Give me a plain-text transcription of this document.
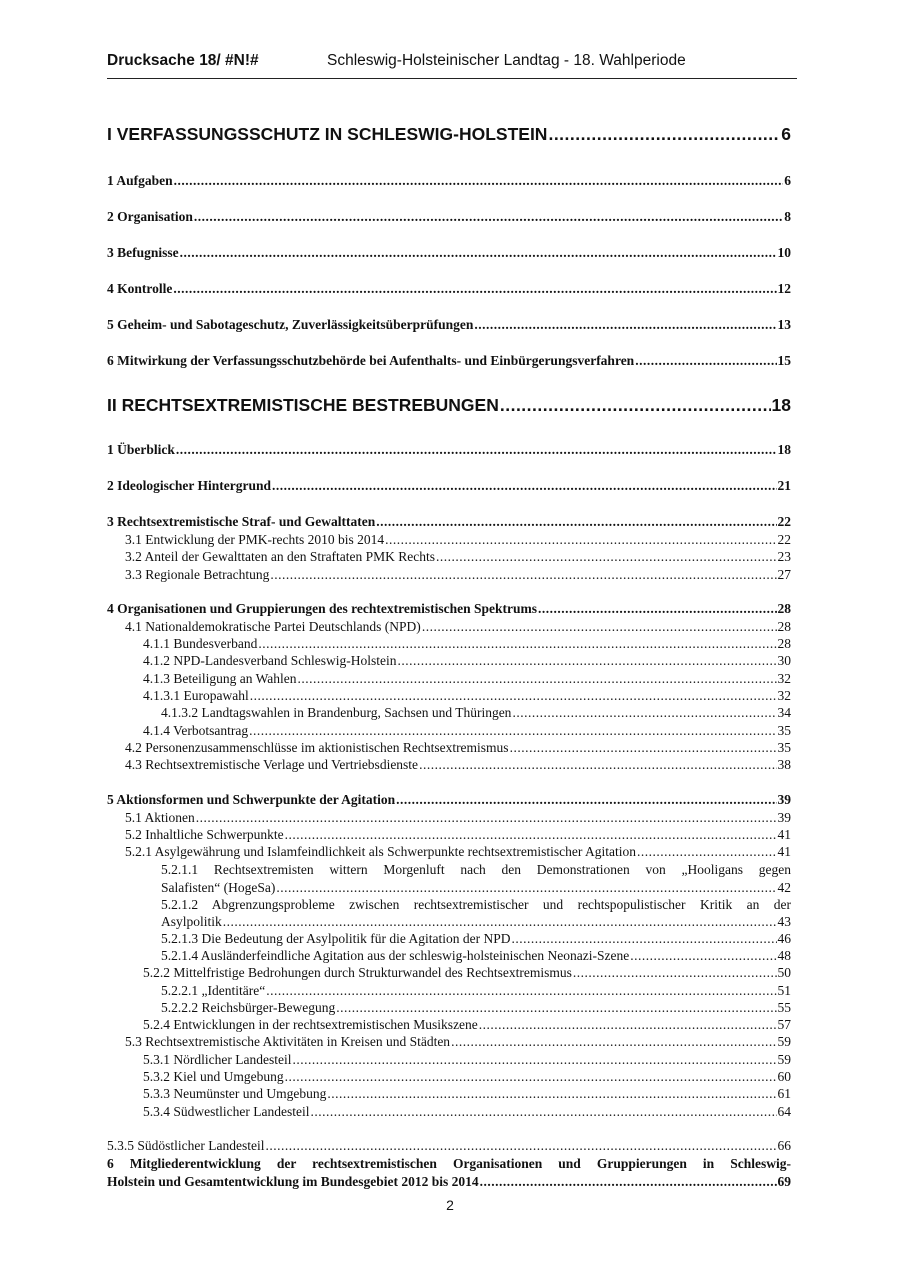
Drucksache 18/ #N!#	Schleswig-Holsteinischer Landtag - 18. Wahlperiode
I VERFASSUNGSSCHUTZ IN SCHLESWIG-HOLSTEIN .....	6
1 Aufgaben .....	6
2 Organisation .....	8
3 Befugnisse .....	10
4 Kontrolle .....	12
5 Geheim- und Sabotageschutz, Zuverlässigkeitsüberprüfungen .....	13
6 Mitwirkung der Verfassungsschutzbehörde bei Aufenthalts- und Einbürgerungsverfahren .....	15
II RECHTSEXTREMISTISCHE BESTREBUNGEN .....	18
1 Überblick .....	18
2 Ideologischer Hintergrund .....	21
3 Rechtsextremistische Straf- und Gewalttaten .....	22
3.1 Entwicklung der PMK-rechts 2010 bis 2014 .....	22
3.2 Anteil der Gewalttaten an den Straftaten PMK Rechts .....	23
3.3 Regionale Betrachtung .....	27
4 Organisationen und Gruppierungen des rechtextremistischen Spektrums .....	28
4.1 Nationaldemokratische Partei Deutschlands (NPD) .....	28
4.1.1 Bundesverband .....	28
4.1.2 NPD-Landesverband Schleswig-Holstein .....	30
4.1.3 Beteiligung an Wahlen .....	32
4.1.3.1 Europawahl .....	32
4.1.3.2 Landtagswahlen in Brandenburg, Sachsen und Thüringen .....	34
4.1.4 Verbotsantrag .....	35
4.2 Personenzusammenschlüsse im aktionistischen Rechtsextremismus .....	35
4.3 Rechtsextremistische Verlage und Vertriebsdienste .....	38
5 Aktionsformen und Schwerpunkte der Agitation .....	39
5.1 Aktionen .....	39
5.2 Inhaltliche Schwerpunkte .....	41
5.2.1 Asylgewährung und Islamfeindlichkeit als Schwerpunkte rechtsextremistischer Agitation .....	41
5.2.1.1 Rechtsextremisten wittern Morgenluft nach den Demonstrationen von „Hooligans gegen
Salafisten“ (HogeSa) .....	42
5.2.1.2 Abgrenzungsprobleme zwischen rechtsextremistischer und rechtspopulistischer Kritik an der
Asylpolitik .....	43
5.2.1.3 Die Bedeutung der Asylpolitik für die Agitation der NPD .....	46
5.2.1.4 Ausländerfeindliche Agitation aus der schleswig-holsteinischen Neonazi-Szene .....	48
5.2.2 Mittelfristige Bedrohungen durch Strukturwandel des Rechtsextremismus .....	50
5.2.2.1 „Identitäre“ .....	51
5.2.2.2 Reichsbürger-Bewegung .....	55
5.2.4 Entwicklungen in der rechtsextremistischen Musikszene .....	57
5.3 Rechtsextremistische Aktivitäten in Kreisen und Städten .....	59
5.3.1 Nördlicher Landesteil .....	59
5.3.2 Kiel und Umgebung .....	60
5.3.3 Neumünster und Umgebung .....	61
5.3.4 Südwestlicher Landesteil .....	64
5.3.5 Südöstlicher Landesteil .....	66
6 Mitgliederentwicklung der rechtsextremistischen Organisationen und Gruppierungen in Schleswig-
Holstein und Gesamtentwicklung im Bundesgebiet 2012 bis 2014 .....	69
2
